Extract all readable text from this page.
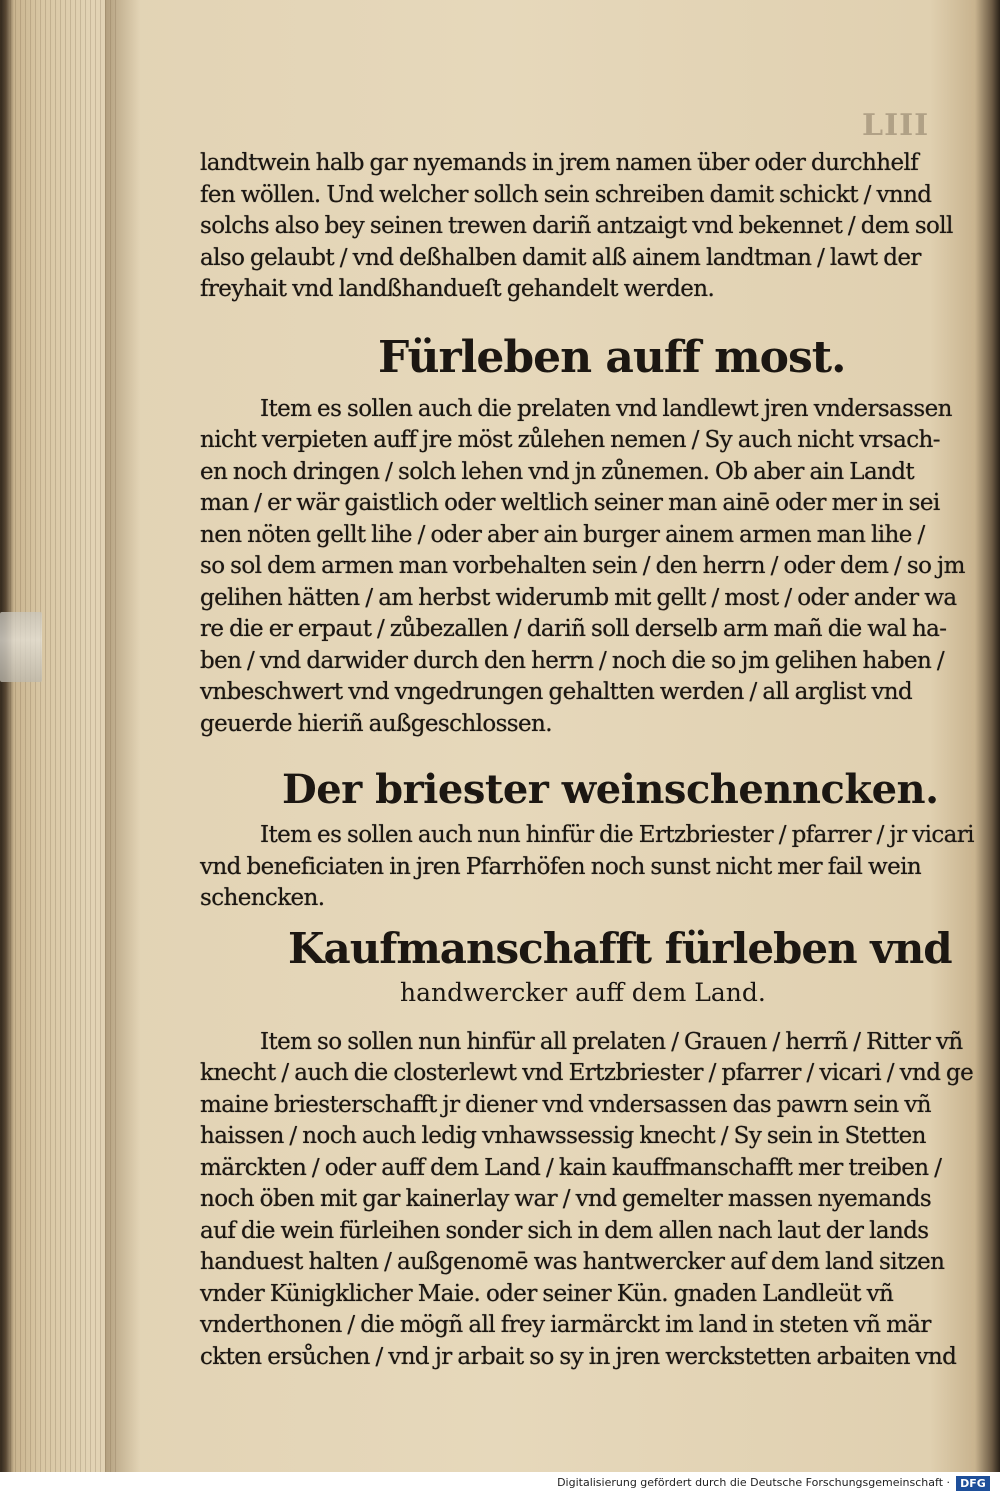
LIII

landtwein halb gar nyemands in jrem namen über oder durchhelf

fen wöllen. Und welcher sollch sein schreiben damit schickt / vnnd

solchs also bey seinen trewen dariñ antzaigt vnd bekennet / dem soll

also gelaubt / vnd deßhalben damit alß ainem landtman / lawt der

freyhait vnd landßhandueſt gehandelt werden.

Fürleben auff most.

Item es sollen auch die prelaten vnd landlewt jren vndersassen

nicht verpieten auff jre möst zůlehen nemen / Sy auch nicht vrsach-

en noch dringen / solch lehen vnd jn zůnemen. Ob aber ain Landt

man / er wär gaistlich oder weltlich seiner man ainē oder mer in sei

nen nöten gellt lihe / oder aber ain burger ainem armen man lihe /

so sol dem armen man vorbehalten sein / den herrn / oder dem / so jm

gelihen hätten / am herbst widerumb mit gellt / most / oder ander wa

re die er erpaut / zůbezallen / dariñ soll derselb arm mañ die wal ha-

ben / vnd darwider durch den herrn / noch die so jm gelihen haben /

vnbeschwert vnd vngedrungen gehaltten werden / all arglist vnd

geuerde hieriñ außgeschlossen.

Der briester weinschenncken.

Item es sollen auch nun hinfür die Ertzbriester / pfarrer / jr vicari

vnd beneficiaten in jren Pfarrhöfen noch sunst nicht mer fail wein

schencken.

Kaufmanschafft fürleben vnd
handwercker auff dem Land.

Item so sollen nun hinfür all prelaten / Grauen / herrñ / Ritter vñ

knecht / auch die closterlewt vnd Ertzbriester / pfarrer / vicari / vnd ge

maine briesterschafft jr diener vnd vndersassen das pawrn sein vñ

haissen / noch auch ledig vnhawssessig knecht / Sy sein in Stetten

märckten / oder auff dem Land / kain kauffmanschafft mer treiben /

noch öben mit gar kainerlay war / vnd gemelter massen nyemands

auf die wein fürleihen sonder sich in dem allen nach laut der lands

handuest halten / außgenomē was hantwercker auf dem land sitzen

vnder Künigklicher Maie. oder seiner Kün. gnaden Landleüt vñ

vnderthonen / die mögñ all frey iarmärckt im land in steten vñ mär

ckten ersůchen / vnd jr arbait so sy in jren werckstetten arbaiten vnd

Digitalisierung gefördert durch die Deutsche Forschungsgemeinschaft · DFG
